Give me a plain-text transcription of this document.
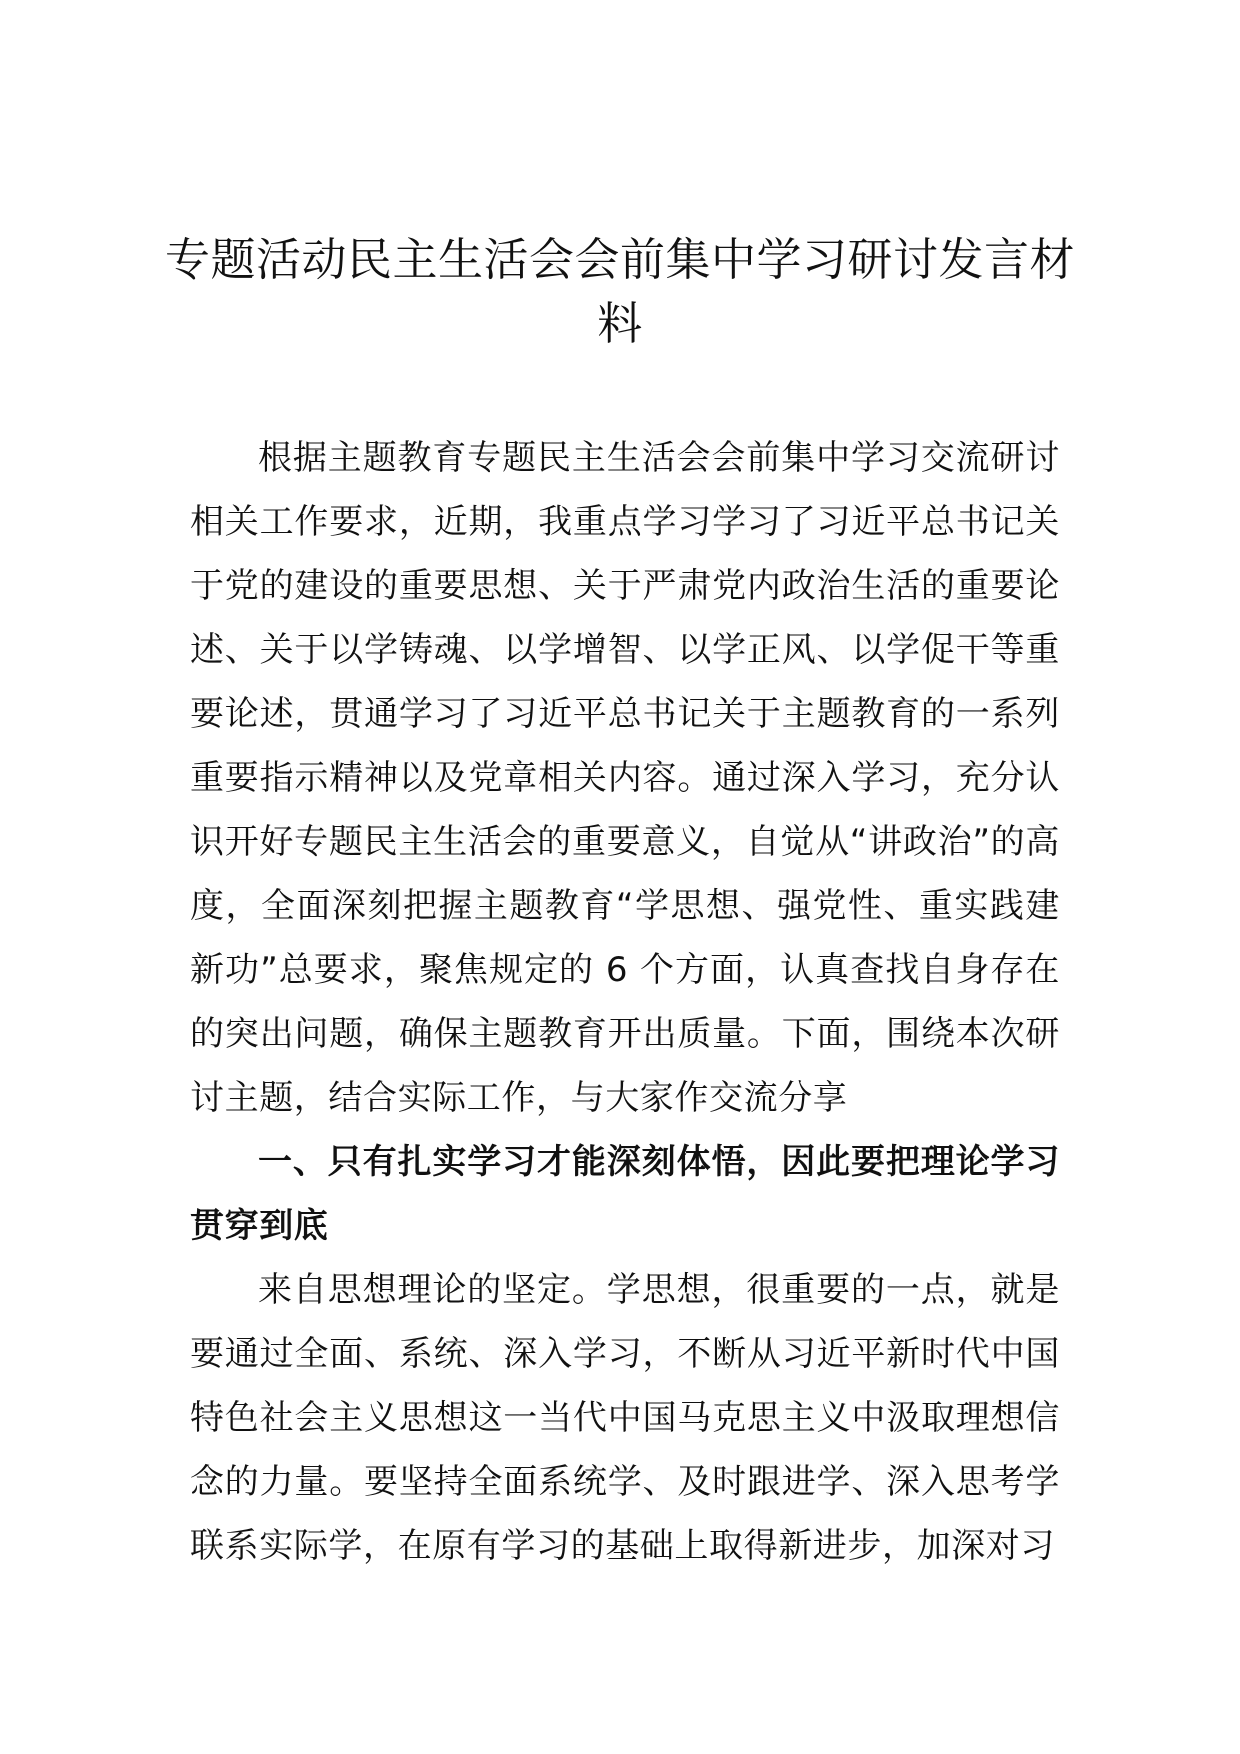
专题活动民主生活会会前集中学习研讨发言材料

根据主题教育专题民主生活会会前集中学习交流研讨相关工作要求，近期，我重点学习学习了习近平总书记关于党的建设的重要思想、关于严肃党内政治生活的重要论述、关于以学铸魂、以学增智、以学正风、以学促干等重要论述，贯通学习了习近平总书记关于主题教育的一系列重要指示精神以及党章相关内容。通过深入学习，充分认识开好专题民主生活会的重要意义，自觉从“讲政治”的高度，全面深刻把握主题教育“学思想、强党性、重实践建新功”总要求，聚焦规定的 6 个方面，认真查找自身存在的突出问题，确保主题教育开出质量。下面，围绕本次研讨主题，结合实际工作，与大家作交流分享

一、只有扎实学习才能深刻体悟，因此要把理论学习贯穿到底

来自思想理论的坚定。学思想，很重要的一点，就是要通过全面、系统、深入学习，不断从习近平新时代中国特色社会主义思想这一当代中国马克思主义中汲取理想信念的力量。要坚持全面系统学、及时跟进学、深入思考学联系实际学，在原有学习的基础上取得新进步，加深对习
